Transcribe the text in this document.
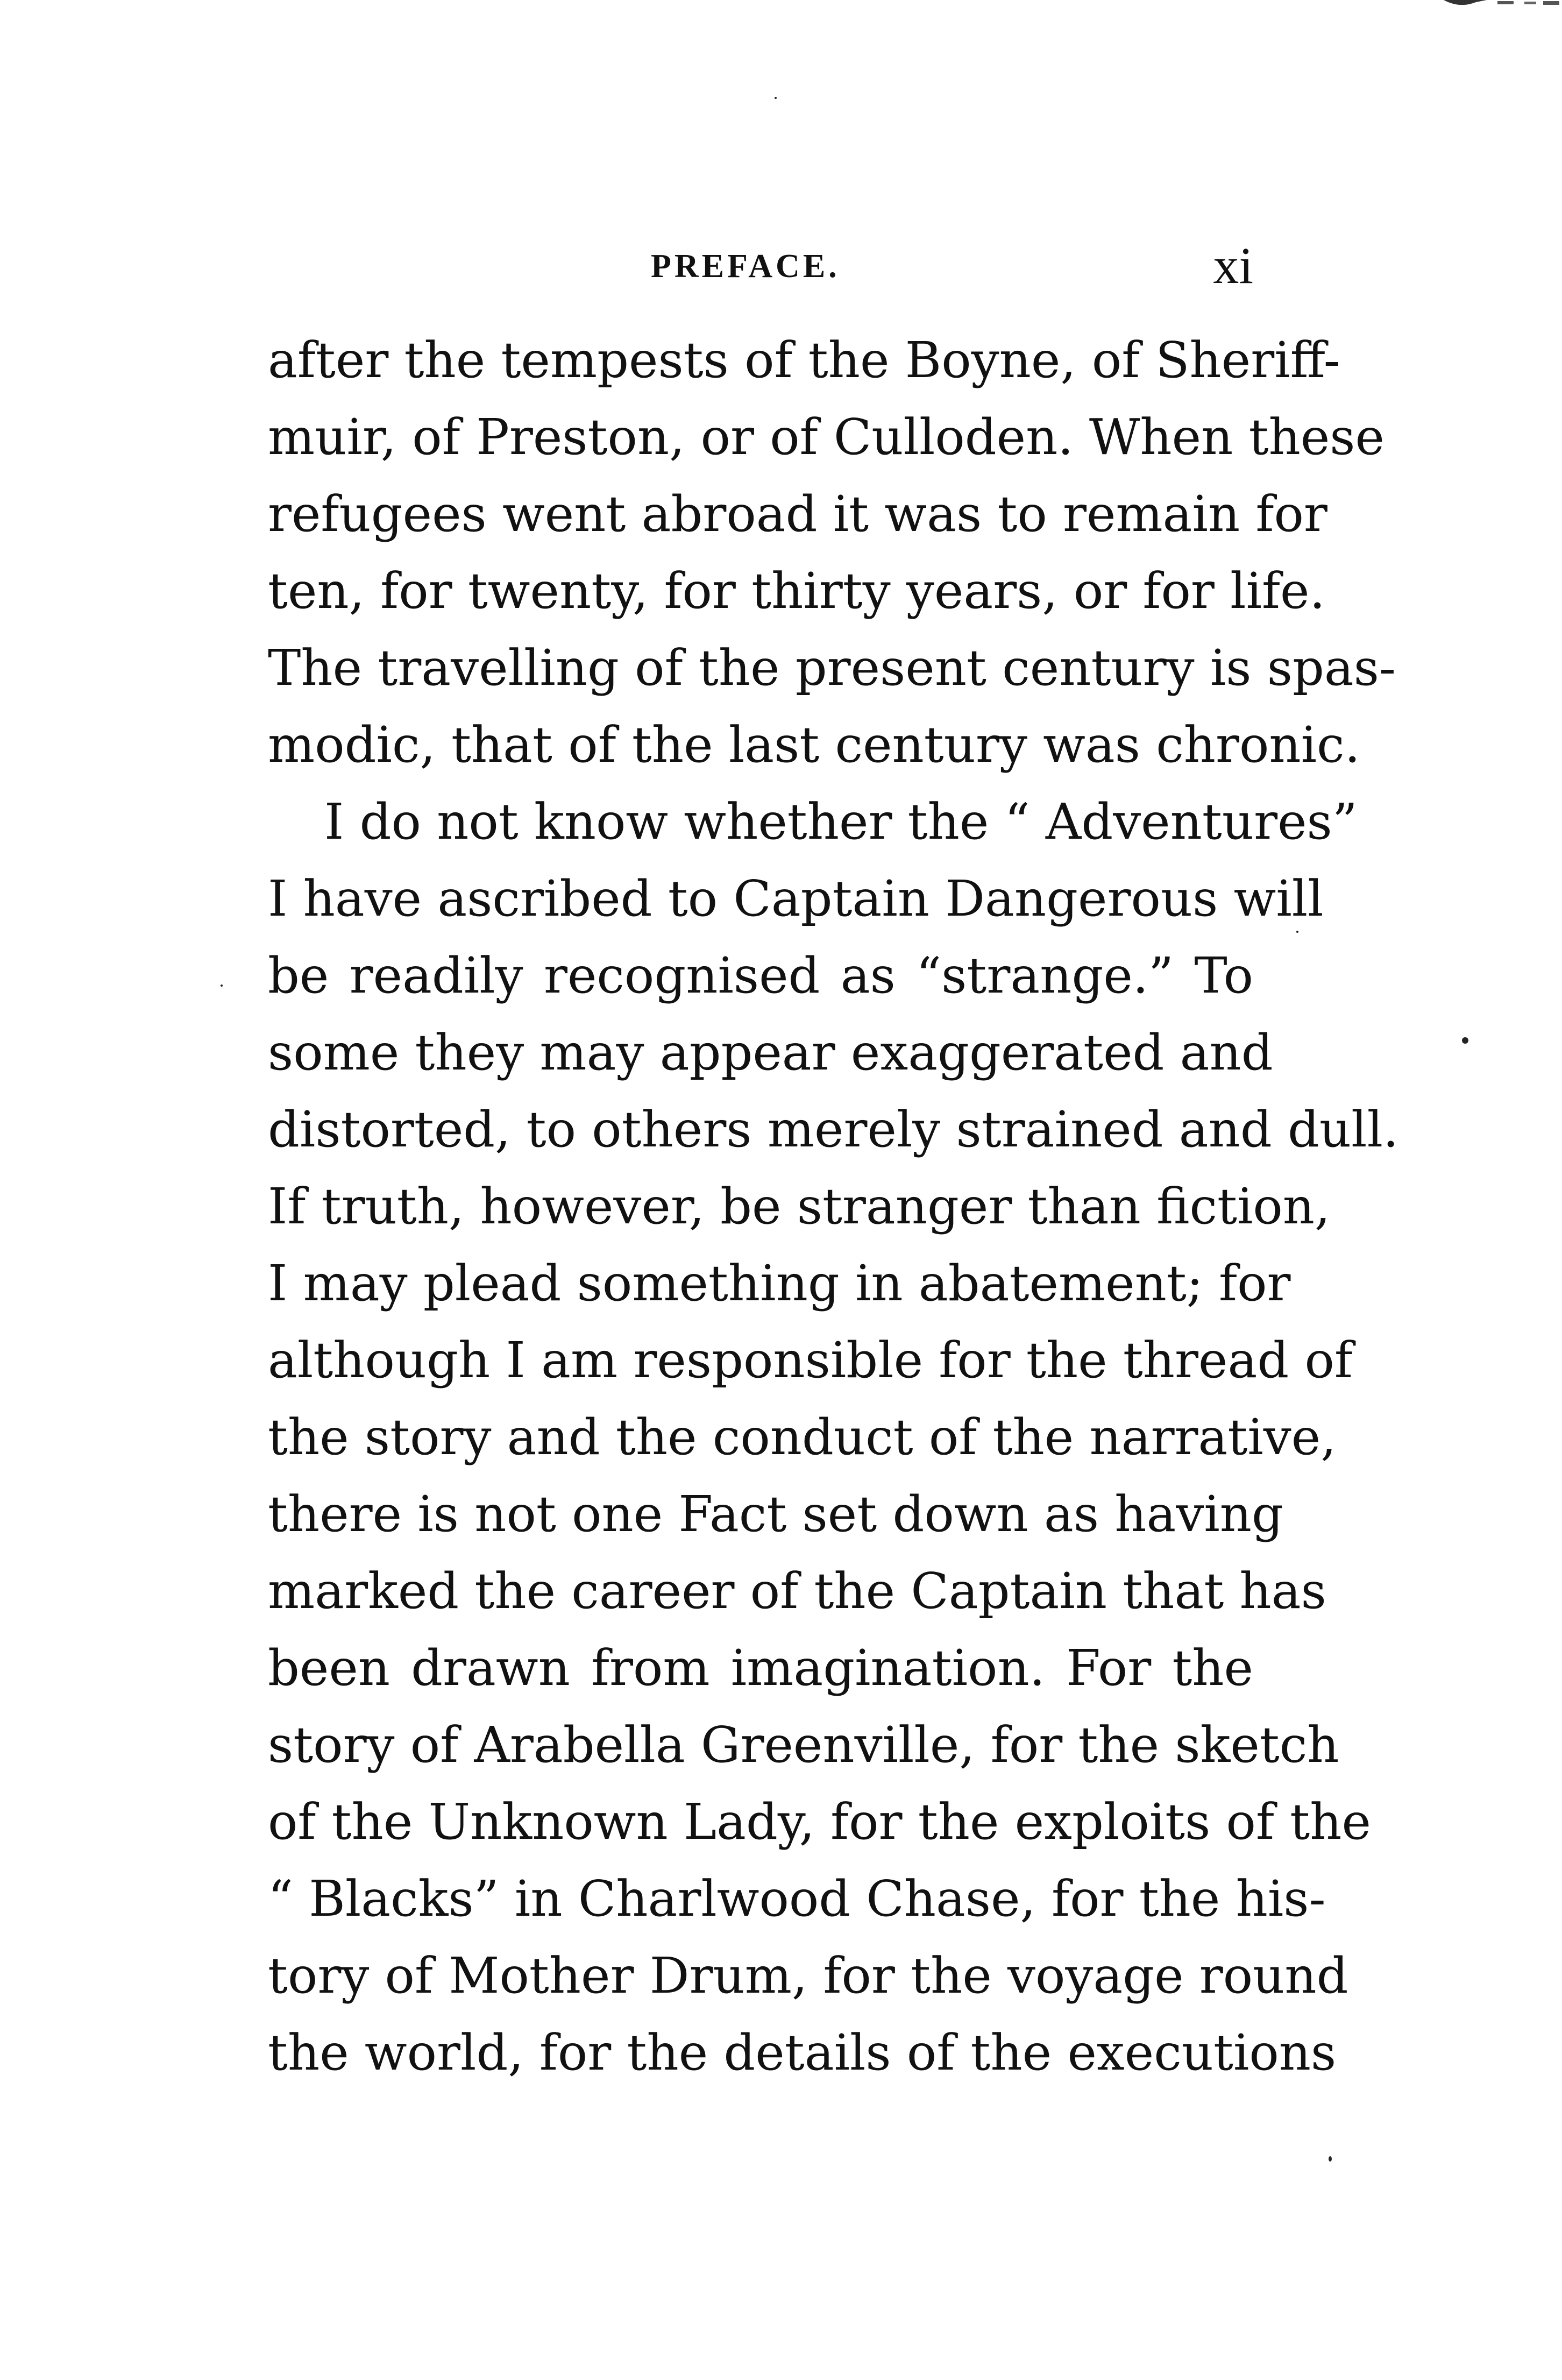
PREFACE.	xi
after the tempests of the Boyne, of Sheriff-
muir, of Preston, or of Culloden. When these
refugees went abroad it was to remain for
ten, for twenty, for thirty years, or for life.
The travelling of the present century is spas-
modic, that of the last century was chronic.
I do not know whether the “ Adventures”
I have ascribed to Captain Dangerous will
be readily recognised as “strange.” To
some they may appear exaggerated and
distorted, to others merely strained and dull.
If truth, however, be stranger than fiction,
I may plead something in abatement; for
although I am responsible for the thread of
the story and the conduct of the narrative,
there is not one Fact set down as having
marked the career of the Captain that has
been drawn from imagination. For the
story of Arabella Greenville, for the sketch
of the Unknown Lady, for the exploits of the
“ Blacks” in Charlwood Chase, for the his-
tory of Mother Drum, for the voyage round
the world, for the details of the executions
